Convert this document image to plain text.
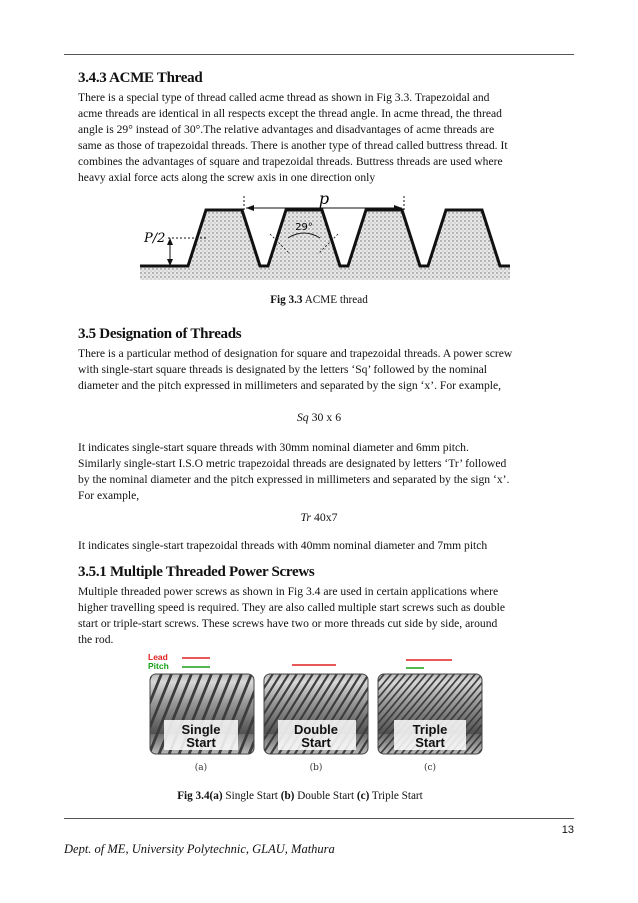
3.4.3 ACME Thread

There is a special type of thread called acme thread as shown in Fig 3.3. Trapezoidal and

acme threads are identical in all respects except the thread angle. In acme thread, the thread

angle is 29° instead of 30°.The relative advantages and disadvantages of acme threads are

same as those of trapezoidal threads. There is another type of thread called buttress thread. It

combines the advantages of square and trapezoidal threads. Buttress threads are used where

heavy axial force acts along the screw axis in one direction only

p
P/2
29°

Fig 3.3 ACME thread

3.5 Designation of Threads

There is a particular method of designation for square and trapezoidal threads. A power screw

with single-start square threads is designated by the letters ‘Sq’ followed by the nominal

diameter and the pitch expressed in millimeters and separated by the sign ‘x’. For example,

Sq 30 x 6

It indicates single-start square threads with 30mm nominal diameter and 6mm pitch.

Similarly single-start I.S.O metric trapezoidal threads are designated by letters ‘Tr’ followed

by the nominal diameter and the pitch expressed in millimeters and separated by the sign ‘x’.

For example,

Tr 40x7

It indicates single-start trapezoidal threads with 40mm nominal diameter and 7mm pitch

3.5.1 Multiple Threaded Power Screws

Multiple threaded power screws as shown in Fig 3.4 are used in certain applications where

higher travelling speed is required. They are also called multiple start screws such as double

start or triple-start screws. These screws have two or more threads cut side by side, around

the rod.

Lead
Pitch
Single
Start
(a)
Double
Start
(b)
Triple
Start
(c)

Fig 3.4(a) Single Start (b) Double Start (c) Triple Start

13
Dept. of ME, University Polytechnic, GLAU, Mathura
